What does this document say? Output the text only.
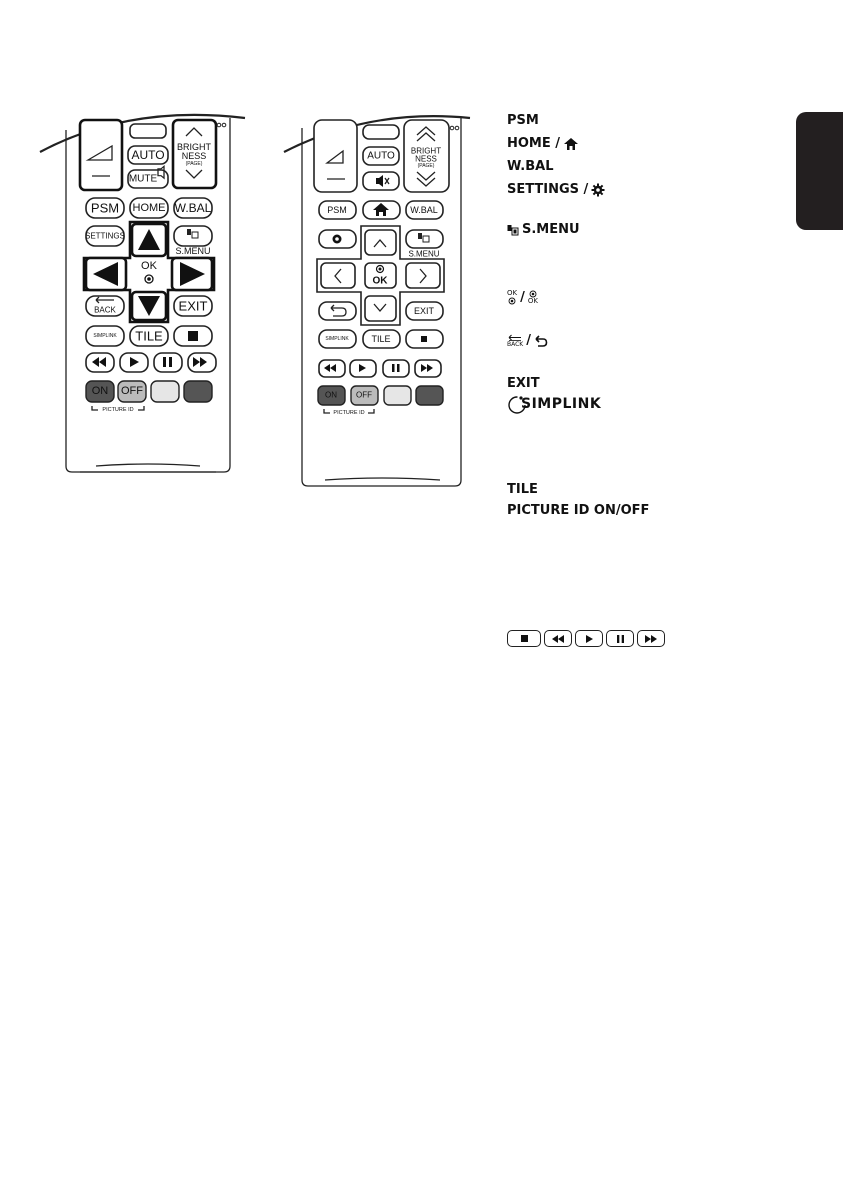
AUTO
MUTE
BRIGHT
NESS
(PAGE)
PSM HOME W.BAL
SETTINGS
S.MENU
OK
BACK	EXIT
SIMPLINK TILE
ON OFF
PICTURE ID
AUTO BRIGHT
NESS
(PAGE)
PSM	W.BAL
S.MENU
OK
EXIT
SIMPLINK	TILE
ON OFF
PICTURE ID
PSM
HOME /
W.BAL
SETTINGS /
S.MENU
OK / OK
BACK /
EXIT
SIMPLINK
TILE
PICTURE ID ON/OFF
